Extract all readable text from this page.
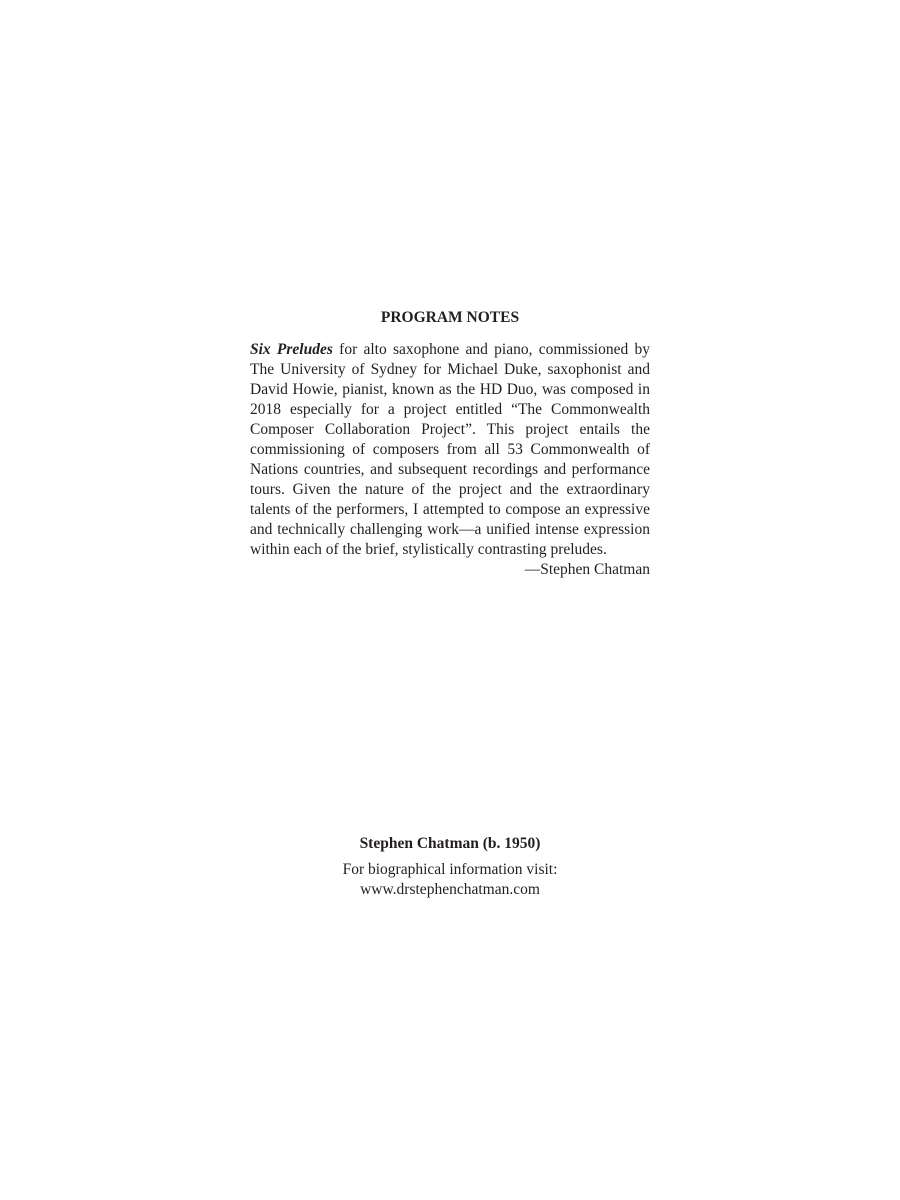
PROGRAM NOTES

Six Preludes for alto saxophone and piano, commissioned by The University of Sydney for Michael Duke, saxophonist and David Howie, pianist, known as the HD Duo, was composed in 2018 especially for a project entitled “The Commonwealth Composer Collaboration Project”. This project entails the commissioning of composers from all 53 Commonwealth of Nations countries, and subsequent recordings and performance tours. Given the nature of the project and the extraordinary talents of the performers, I attempted to compose an expressive and technically challenging work—a unified intense expression within each of the brief, stylistically contrasting preludes.

—Stephen Chatman

Stephen Chatman (b. 1950)

For biographical information visit:

www.drstephenchatman.com
